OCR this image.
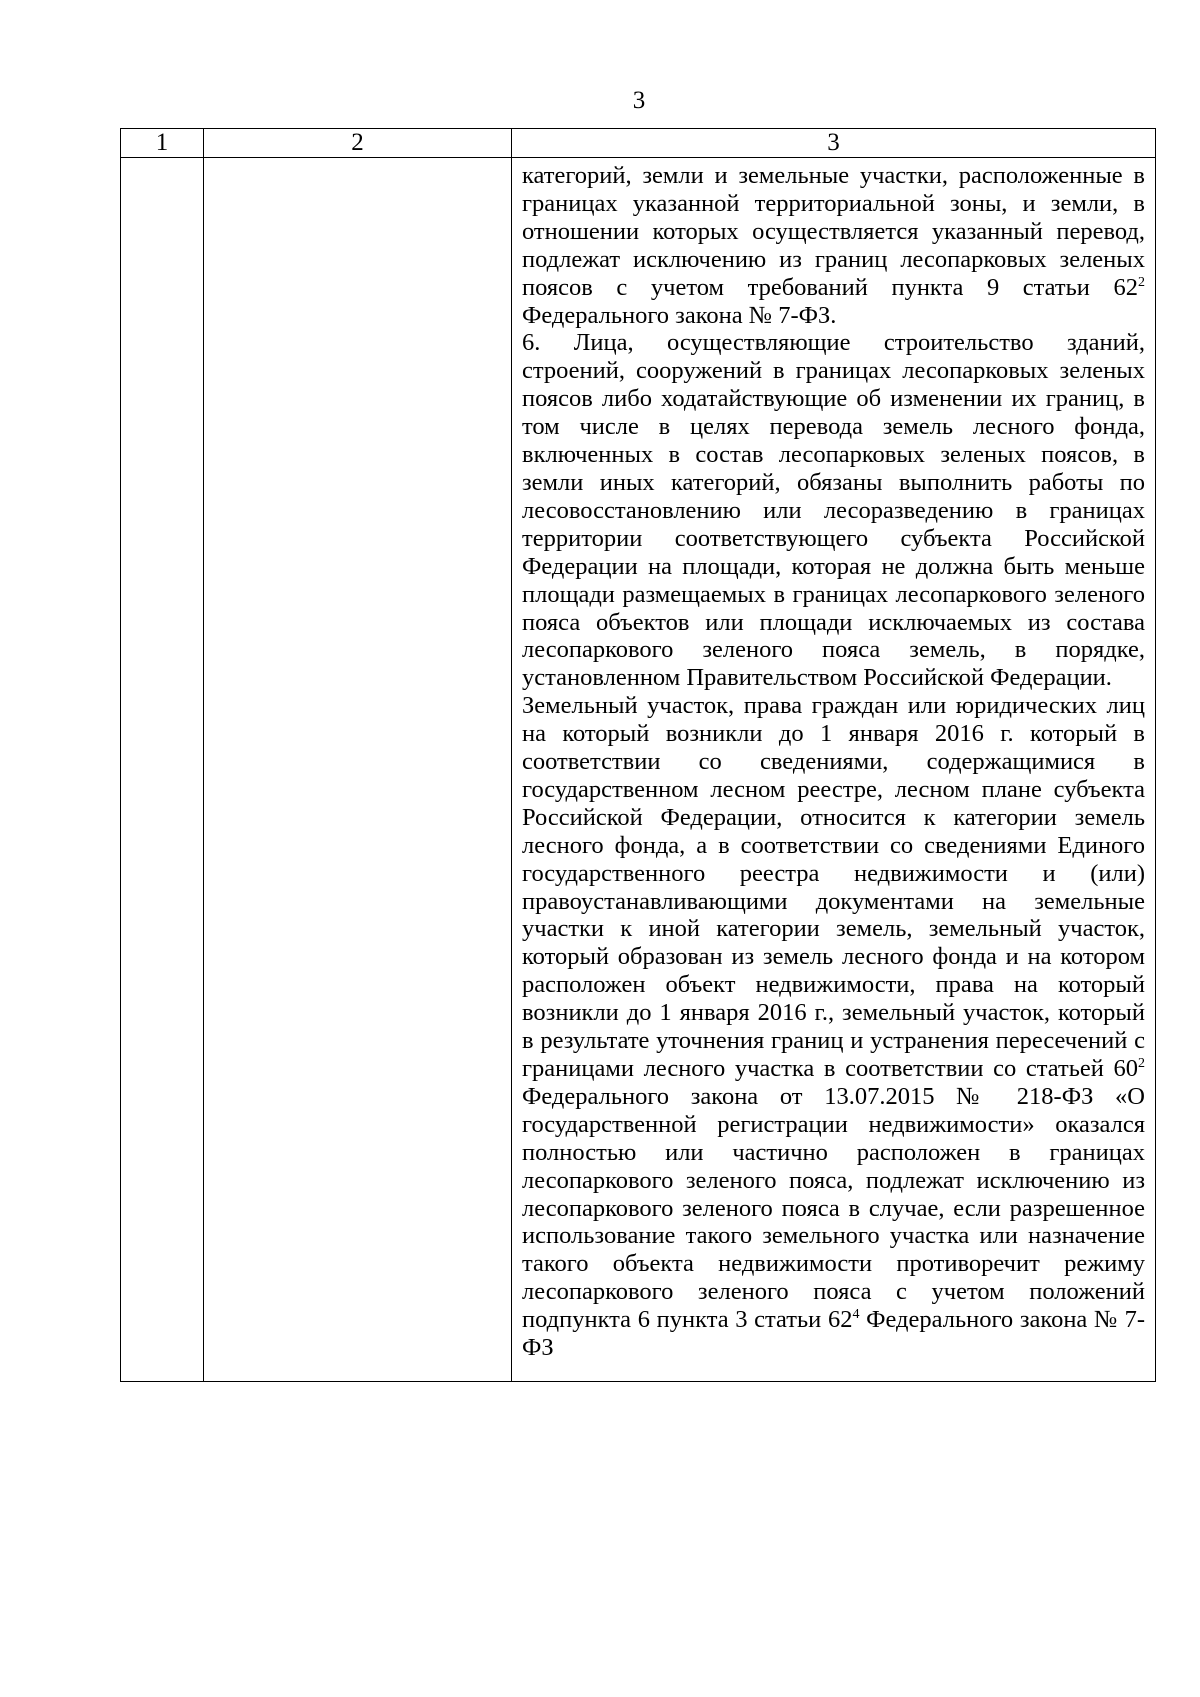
3
1	2	3

		категорий, земли и земельные участки, расположенные в границах указанной территориальной зоны, и земли, в отношении которых осуществляется указанный перевод, подлежат исключению из границ лесопарковых зеленых поясов с учетом требований пункта 9 статьи $62^2$ Федерального закона № 7-ФЗ.

6. Лица, осуществляющие строительство зданий, строений, сооружений в границах лесопарковых зеленых поясов либо ходатайствующие об изменении их границ, в том числе в целях перевода земель лесного фонда, включенных в состав лесопарковых зеленых поясов, в земли иных категорий, обязаны выполнить работы по лесовосстановлению или лесоразведению в границах территории соответствующего субъекта Российской Федерации на площади, которая не должна быть меньше площади размещаемых в границах лесопаркового зеленого пояса объектов или площади исключаемых из состава лесопаркового зеленого пояса земель, в порядке, установленном Правительством Российской Федерации.

Земельный участок, права граждан или юридических лиц на который возникли до 1 января 2016 г. который в соответствии со сведениями, содержащимися в государственном лесном реестре, лесном плане субъекта Российской Федерации, относится к категории земель лесного фонда, а в соответствии со сведениями Единого государственного реестра недвижимости и (или) правоустанавливающими документами на земельные участки к иной категории земель, земельный участок, который образован из земель лесного фонда и на котором расположен объект недвижимости, права на который возникли до 1 января 2016 г., земельный участок, который в результате уточнения границ и устранения пересечений с границами лесного участка в соответствии со статьей $60^2$ Федерального закона от 13.07.2015 № 218-ФЗ «О государственной регистрации недвижимости» оказался полностью или частично расположен в границах лесопаркового зеленого пояса, подлежат исключению из лесопаркового зеленого пояса в случае, если разрешенное использование такого земельного участка или назначение такого объекта недвижимости противоречит режиму лесопаркового зеленого пояса с учетом положений подпункта 6 пункта 3 статьи $62^4$ Федерального закона № 7-ФЗ
